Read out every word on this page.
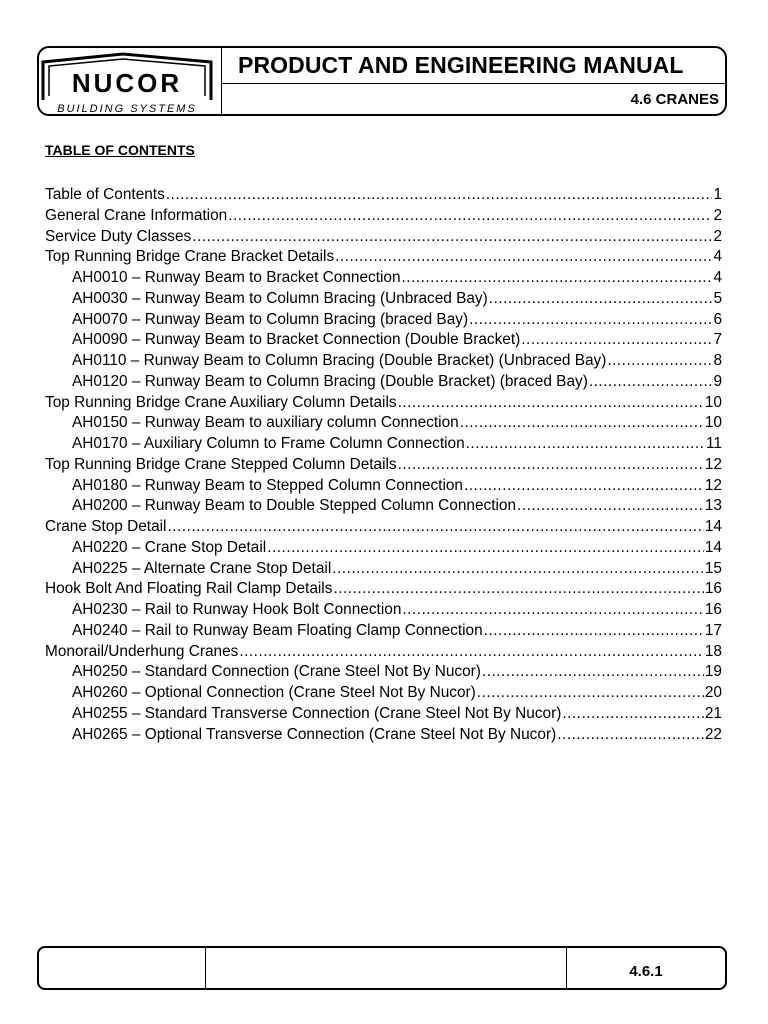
NUCOR
BUILDING SYSTEMS
PRODUCT AND ENGINEERING MANUAL
4.6 CRANES
TABLE OF CONTENTS
Table of Contents .....	1
General Crane Information .....	2
Service Duty Classes .....	2
Top Running Bridge Crane Bracket Details .....	4
AH0010 – Runway Beam to Bracket Connection .....	4
AH0030 – Runway Beam to Column Bracing (Unbraced Bay) .....	5
AH0070 – Runway Beam to Column Bracing (braced Bay) .....	6
AH0090 – Runway Beam to Bracket Connection (Double Bracket) .....	7
AH0110 – Runway Beam to Column Bracing (Double Bracket) (Unbraced Bay) .....	8
AH0120 – Runway Beam to Column Bracing (Double Bracket) (braced Bay) .....	9
Top Running Bridge Crane Auxiliary Column Details .....	10
AH0150 – Runway Beam to auxiliary column Connection .....	10
AH0170 – Auxiliary Column to Frame Column Connection .....	11
Top Running Bridge Crane Stepped Column Details .....	12
AH0180 – Runway Beam to Stepped Column Connection .....	12
AH0200 – Runway Beam to Double Stepped Column Connection .....	13
Crane Stop Detail .....	14
AH0220 – Crane Stop Detail .....	14
AH0225 – Alternate Crane Stop Detail .....	15
Hook Bolt And Floating Rail Clamp Details .....	16
AH0230 – Rail to Runway Hook Bolt Connection .....	16
AH0240 – Rail to Runway Beam Floating Clamp Connection .....	17
Monorail/Underhung Cranes .....	18
AH0250 – Standard Connection (Crane Steel Not By Nucor) .....	19
AH0260 – Optional Connection (Crane Steel Not By Nucor) .....	20
AH0255 – Standard Transverse Connection (Crane Steel Not By Nucor) .....	21
AH0265 – Optional Transverse Connection (Crane Steel Not By Nucor) .....	22
4.6.1
